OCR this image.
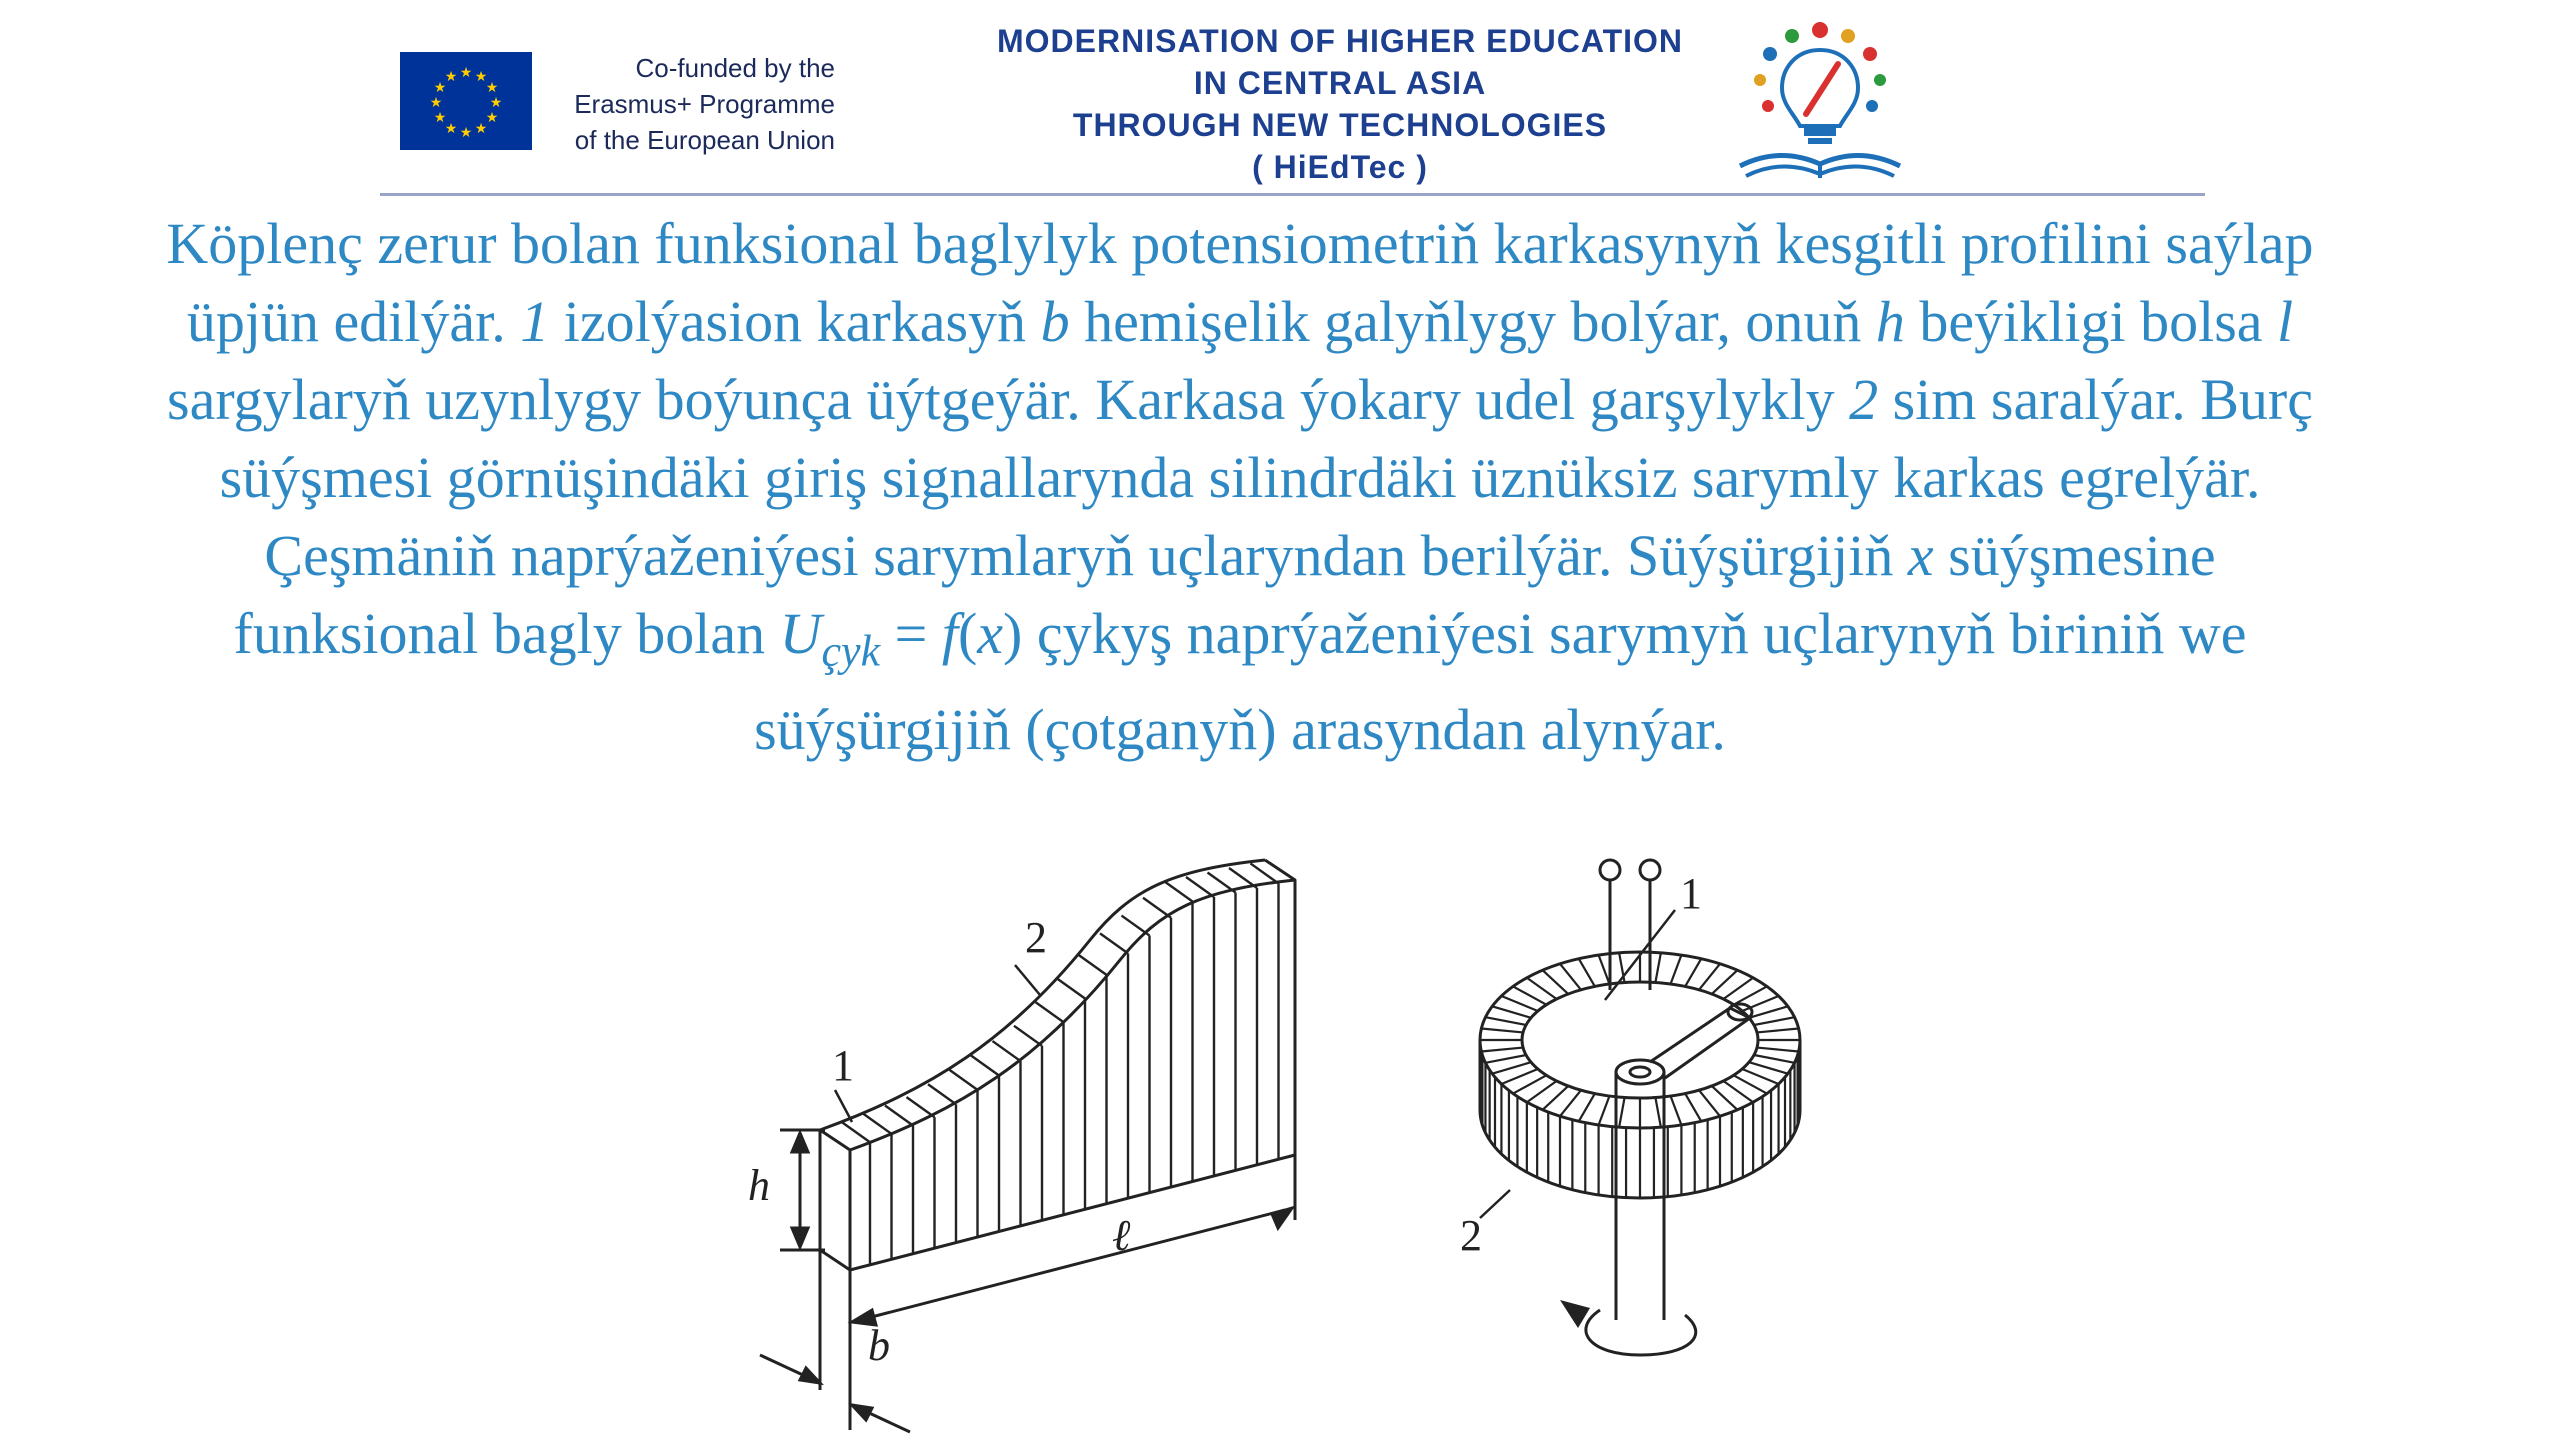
★ ★
★
★
★
★
★
★
★
★
★
★	Co-funded by the
Erasmus+ Programme
of the European Union
MODERNISATION OF HIGHER EDUCATION
IN CENTRAL ASIA
THROUGH NEW TECHNOLOGIES
( HiEdTec )
Köplenç zerur bolan funksional baglylyk potensiometriň karkasynyň kesgitli profilini saýlap
üpjün edilýär. 1 izolýasion karkasyň b hemişelik galyňlygy bolýar, onuň h beýikligi bolsa l
sargylaryň uzynlygy boýunça üýtgeýär. Karkasa ýokary udel garşylykly 2 sim saralýar. Burç
süýşmesi görnüşindäki giriş signallarynda silindrdäki üznüksiz sarymly karkas egrelýär.
Çeşmäniň naprýaženiýesi sarymlaryň uçlaryndan berilýär. Süýşürgijiň x süýşmesine
funksional bagly bolan $U_{çyk} = f(x)$ çykyş naprýaženiýesi sarymyň uçlarynyň biriniň we
süýşürgijiň (çotganyň) arasyndan alynýar.
1
2
h
ℓ
b
1
2
